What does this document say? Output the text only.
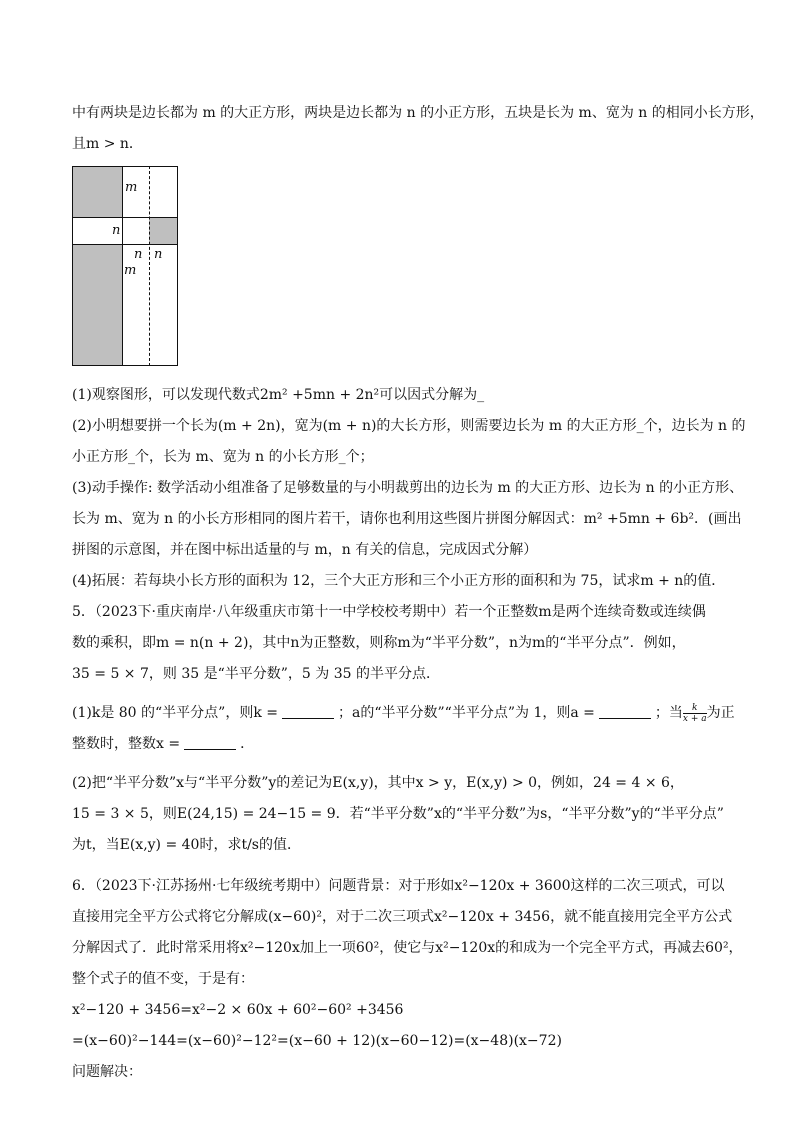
中有两块是边长都为 m 的大正方形，两块是边长都为 n 的小正方形，五块是长为 m、宽为 n 的相同小长方形，
且m > n．
m
n
n n
m
(1)观察图形，可以发现代数式2m² +5mn + 2n²可以因式分解为_
(2)小明想要拼一个长为(m + 2n)，宽为(m + n)的大长方形，则需要边长为 m 的大正方形_个，边长为 n 的
小正方形_个，长为 m、宽为 n 的小长方形_个；
(3)动手操作: 数学活动小组准备了足够数量的与小明裁剪出的边长为 m 的大正方形、边长为 n 的小正方形、
长为 m、宽为 n 的小长方形相同的图片若干，请你也利用这些图片拼图分解因式：m² +5mn + 6b²．(画出
拼图的示意图，并在图中标出适量的与 m，n 有关的信息，完成因式分解）
(4)拓展：若每块小长方形的面积为 12，三个大正方形和三个小正方形的面积和为 75，试求m + n的值．
5．（2023下·重庆南岸·八年级重庆市第十一中学校校考期中）若一个正整数m是两个连续奇数或连续偶
数的乘积，即m = n(n + 2)，其中n为正整数，则称m为“半平分数”，n为m的“半平分点”．例如，
35 = 5 × 7，则 35 是“半平分数”，5 为 35 的半平分点．
(1)k是 80 的“半平分点”，则k =	；a的“半平分数”“半平分点”为 1，则a =	；当 $\frac{k}{x + a}$ 为正
整数时，整数x =	．
(2)把“半平分数”x与“半平分数”y的差记为E(x,y)，其中x > y，E(x,y) > 0，例如，24 = 4 × 6，
15 = 3 × 5，则E(24,15) = 24−15 = 9．若“半平分数”x的“半平分数”为s，“半平分数”y的“半平分点”
为t，当E(x,y) = 40时，求t/s的值．
6．（2023下·江苏扬州·七年级统考期中）问题背景：对于形如x²−120x + 3600这样的二次三项式，可以
直接用完全平方公式将它分解成(x−60)²，对于二次三项式x²−120x + 3456，就不能直接用完全平方公式
分解因式了．此时常采用将x²−120x加上一项60²，使它与x²−120x的和成为一个完全平方式，再减去60²，
整个式子的值不变，于是有：
x²−120 + 3456=x²−2 × 60x + 60²−60² +3456
=(x−60)²−144=(x−60)²−12²=(x−60 + 12)(x−60−12)=(x−48)(x−72)
问题解决：
